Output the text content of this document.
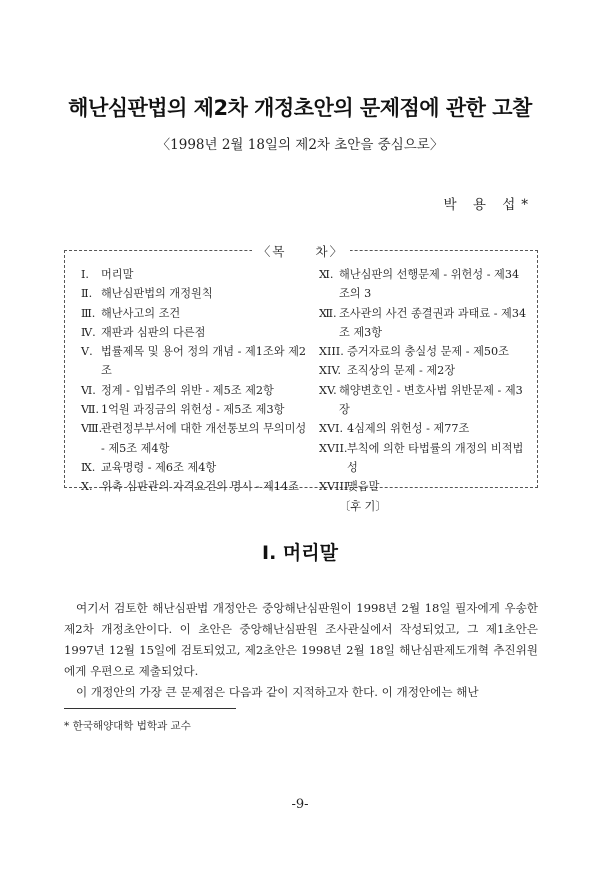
해난심판법의 제2차 개정초안의 문제점에 관한 고찰
〈1998년 2월 18일의 제2차 초안을 중심으로〉
박 용 섭*
〈목　　차〉
Ⅰ.	머리말
Ⅱ. 해난심판법의 개정원칙
Ⅲ. 해난사고의 조건
Ⅳ. 재판과 심판의 다른점
Ⅴ. 법률제목 및 용어 정의 개념 - 제1조와 제2조
Ⅵ. 정계 - 입법주의 위반 - 제5조 제2항
Ⅶ. 1억원 과징금의 위헌성 - 제5조 제3항
Ⅷ.
관련정부부서에 대한 개선통보의 무의미성 - 제5조 제4항
Ⅸ. 교육명령 - 제6조 제4항
Ⅹ. 위촉 심판관의 자격요건의 명시 - 제14조
Ⅺ. 해난심판의 선행문제 - 위헌성 - 제34조의 3
Ⅻ. 조사관의 사건 종결권과 과태료 - 제34조 제3항
XIII. 증거자료의 충실성 문제 - 제50조
XIV. 조직상의 문제 - 제2장
XV. 해양변호인 - 변호사법 위반문제 - 제3장
XVI. 4심제의 위헌성 - 제77조
XVII. 부칙에 의한 타법률의 개정의 비적법성
XVIII.
맺음말
〔후 기〕
Ⅰ. 머리말

여기서 검토한 해난심판법 개정안은 중앙해난심판원이 1998년 2월 18일 필자에게 우송한 제2차 개정초안이다. 이 초안은 중앙해난심판원 조사관실에서 작성되었고, 그 제1초안은 1997년 12월 15일에 검토되었고, 제2초안은 1998년 2월 18일 해난심판제도개혁 추진위원에게 우편으로 제출되었다.

이 개정안의 가장 큰 문제점은 다음과 같이 지적하고자 한다. 이 개정안에는 해난

* 한국해양대학 법학과 교수
-9-
